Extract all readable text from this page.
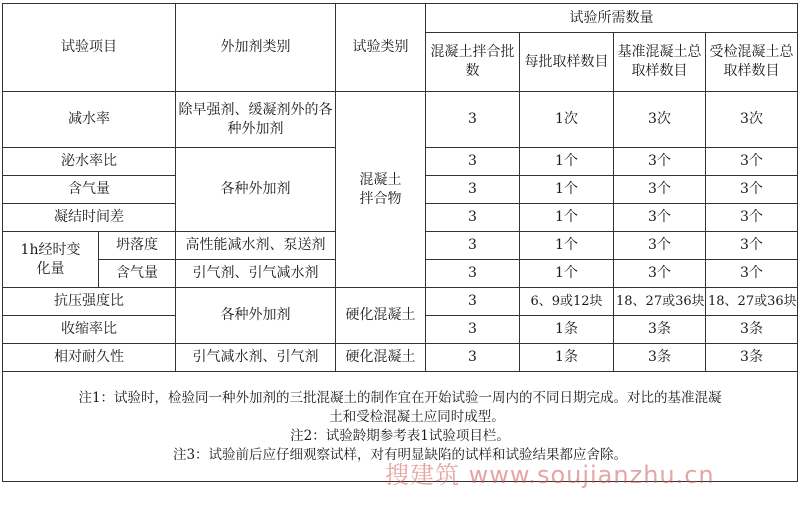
试验项目		外加剂类别	试验类别	试验所需数量			
				混凝土拌合批数	每批取样数目	基准混凝土总取样数目	受检混凝土总取样数目
减水率		除早强剂、缓凝剂外的各种外加剂	混凝土拌合物	3	1次	3次	3次
泌水率比		各种外加剂		3	1个	3个	3个
含气量				3	1个	3个	3个
凝结时间差				3	1个	3个	3个
1h经时变化量	坍落度	高性能减水剂、泵送剂		3	1个	3个	3个
	含气量	引气剂、引气减水剂		3	1个	3个	3个
抗压强度比		各种外加剂	硬化混凝土	3	6、9或12块	18、27或36块	18、27或36块
收缩率比				3	1条	3条	3条
相对耐久性		引气减水剂、引气剂	硬化混凝土	3	1条	3条	3条

注1：试验时，检验同一种外加剂的三批混凝土的制作宜在开始试验一周内的不同日期完成。对比的基准混凝
土和受检混凝土应同时成型。
注2：试验龄期参考表1试验项目栏。
注3：试验前后应仔细观察试样，对有明显缺陷的试样和试验结果都应舍除。							
搜建筑 www.soujianzhu.cn
